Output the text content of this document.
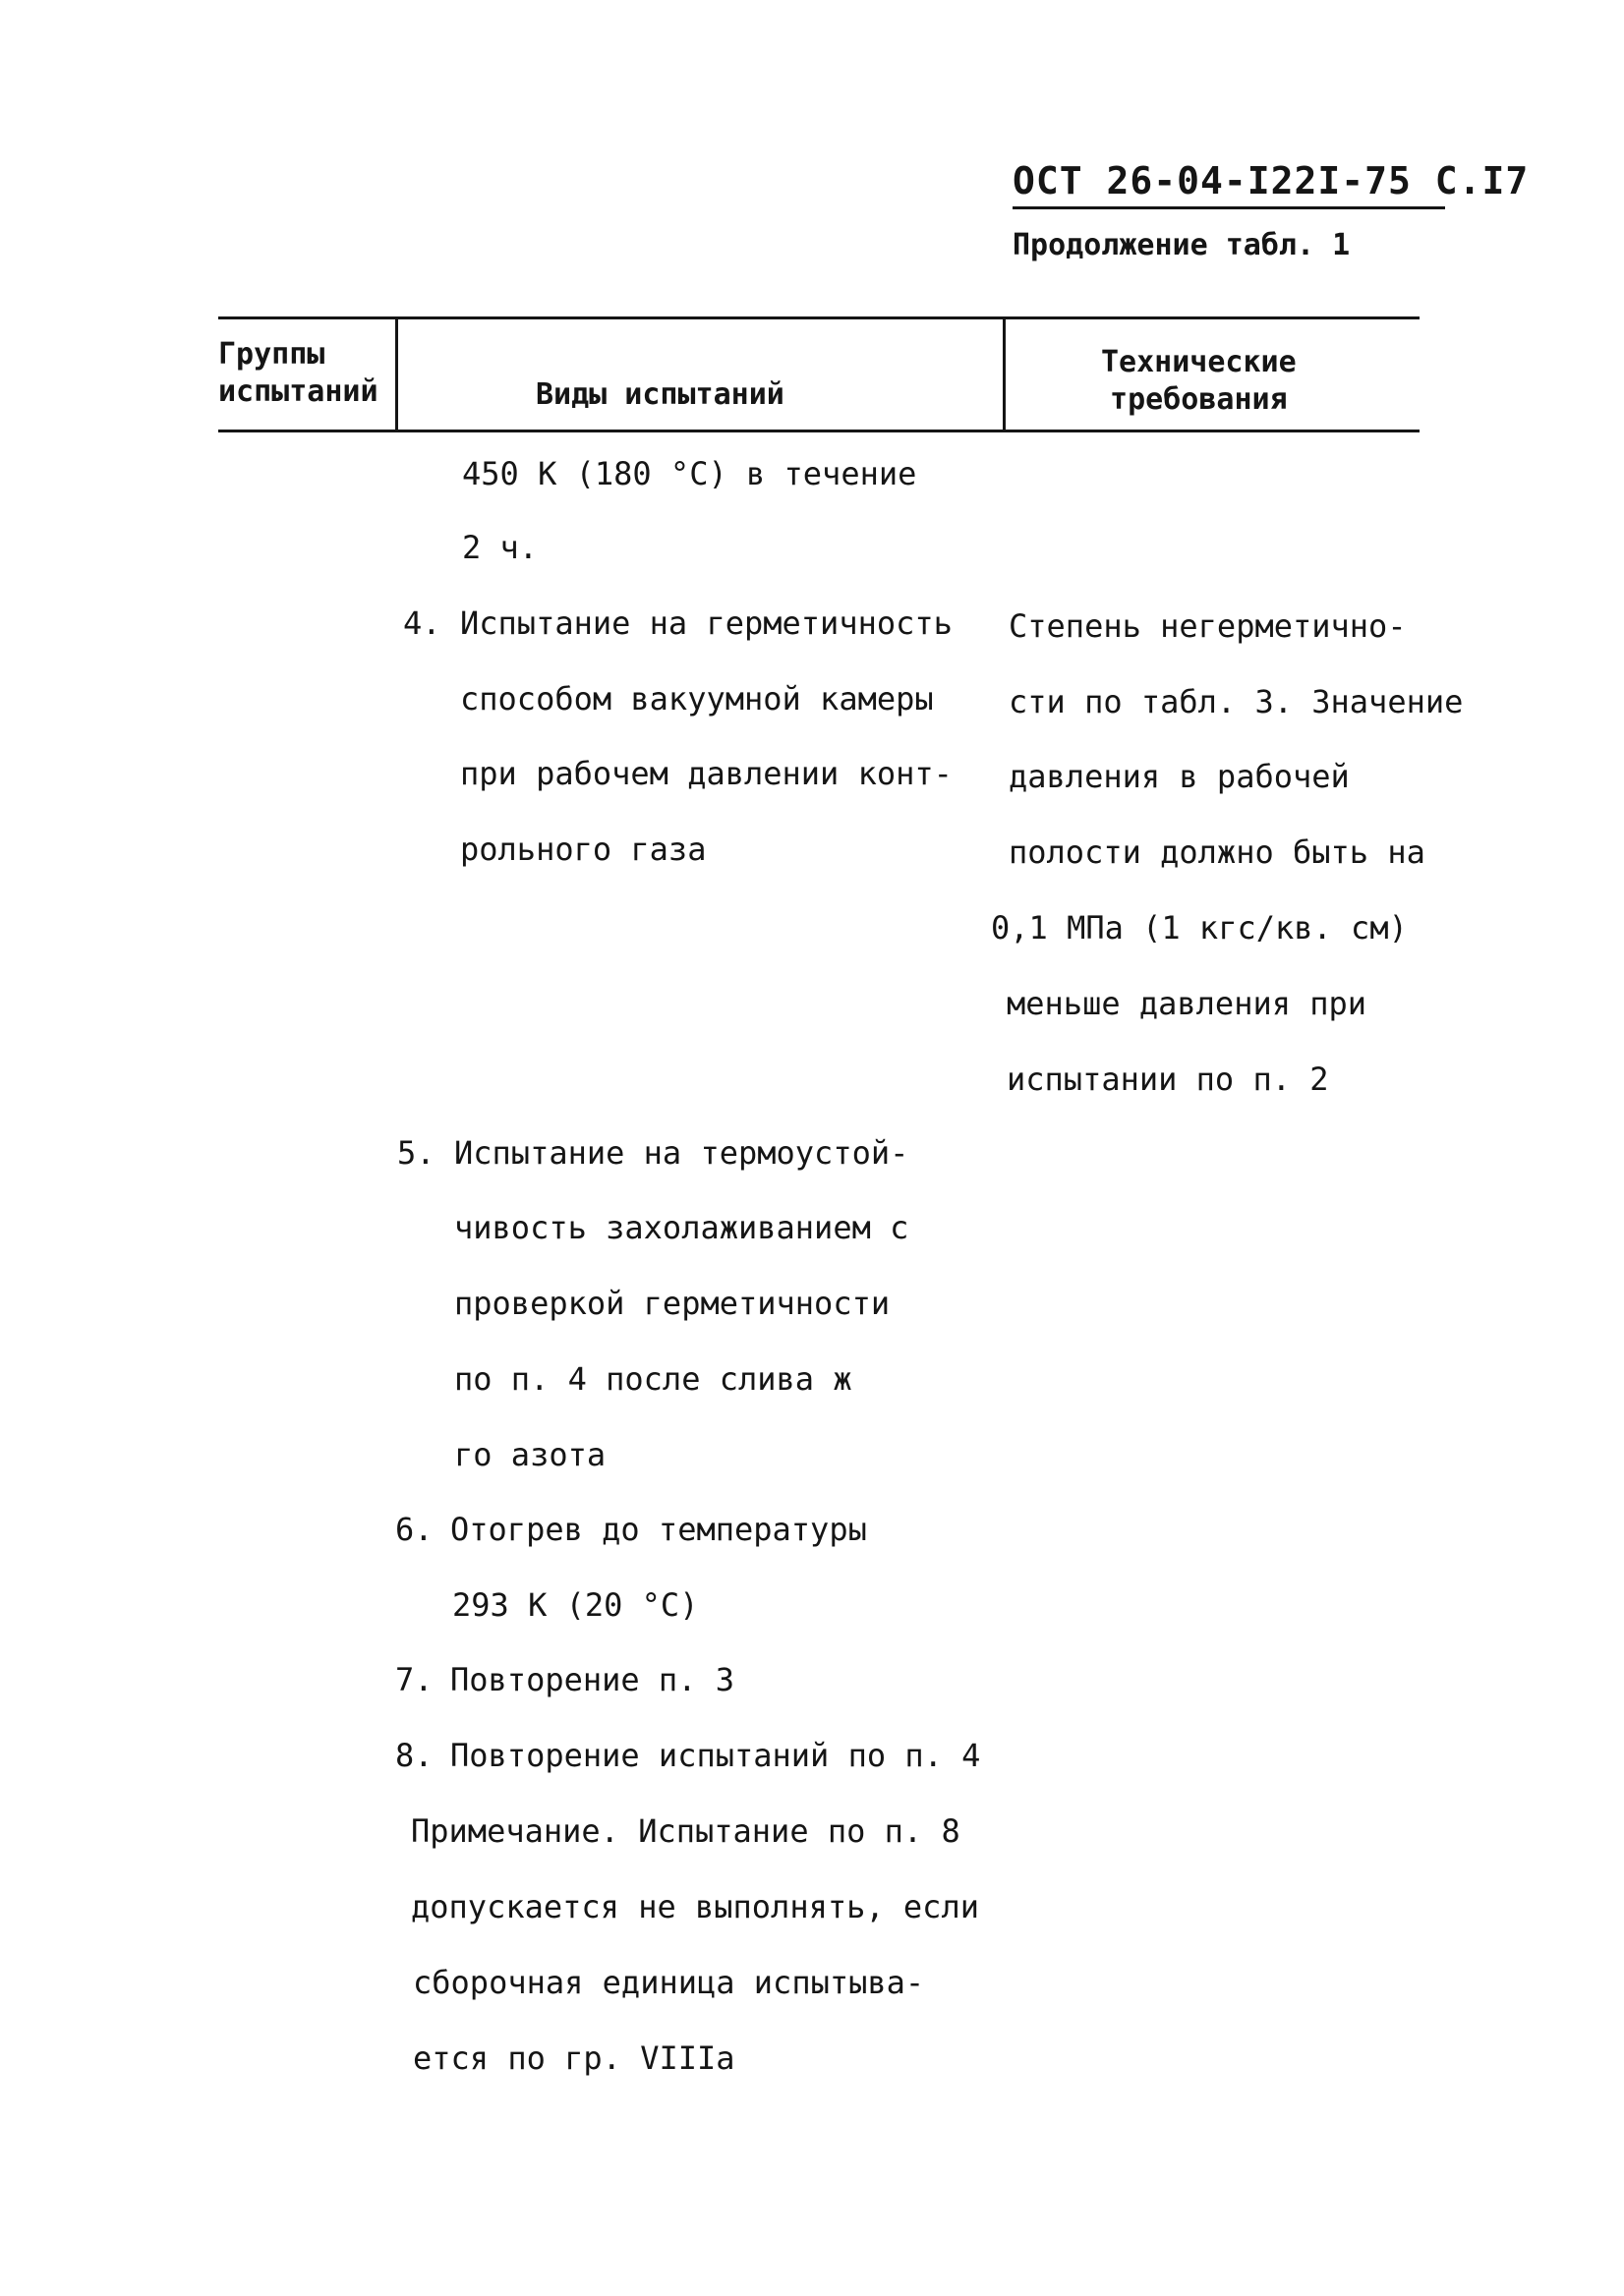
ОСТ 26-04-I22I-75 С.I7
Продолжение табл. 1
Группы
испытаний	Виды испытаний
Технические
требования
450 К (180 °С) в течение
2 ч.
4. Испытание на герметичность
способом вакуумной камеры
при рабочем давлении конт-
рольного газа
Степень негерметично-
сти по табл. 3. Значение
давления в рабочей
полости должно быть на
0,1 МПа (1 кгс/кв. см)
меньше давления при
испытании по п. 2
5. Испытание на термоустой-
чивость захолаживанием с
проверкой герметичности
по п. 4 после слива ж
го азота
6. Отогрев до температуры
293 К (20 °С)
7. Повторение п. 3
8. Повторение испытаний по п. 4
Примечание. Испытание по п. 8
допускается не выполнять, если
сборочная единица испытыва-
ется по гр. VIIIа
